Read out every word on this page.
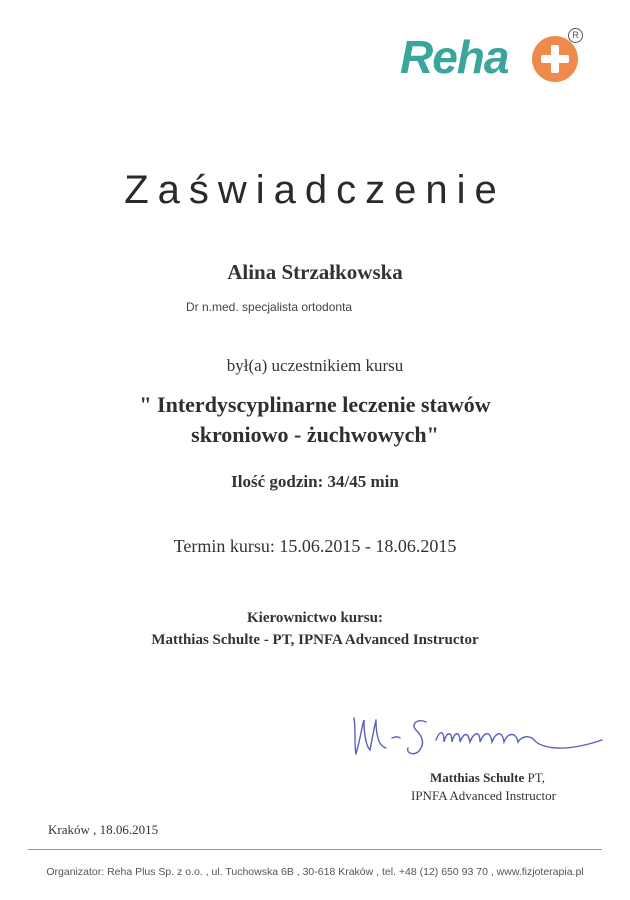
Reha	R
Zaświadczenie
Alina Strzałkowska
Dr n.med. specjalista ortodonta
był(a) uczestnikiem kursu
" Interdyscyplinarne leczenie stawów
skroniowo - żuchwowych"
Ilość godzin: 34/45 min
Termin kursu: 15.06.2015 - 18.06.2015
Kierownictwo kursu:
Matthias Schulte - PT, IPNFA Advanced Instructor
Matthias Schulte PT,
IPNFA Advanced Instructor
Kraków , 18.06.2015
Organizator: Reha Plus Sp. z o.o. , ul. Tuchowska 6B , 30-618 Kraków , tel. +48 (12) 650 93 70 , www.fizjoterapia.pl
